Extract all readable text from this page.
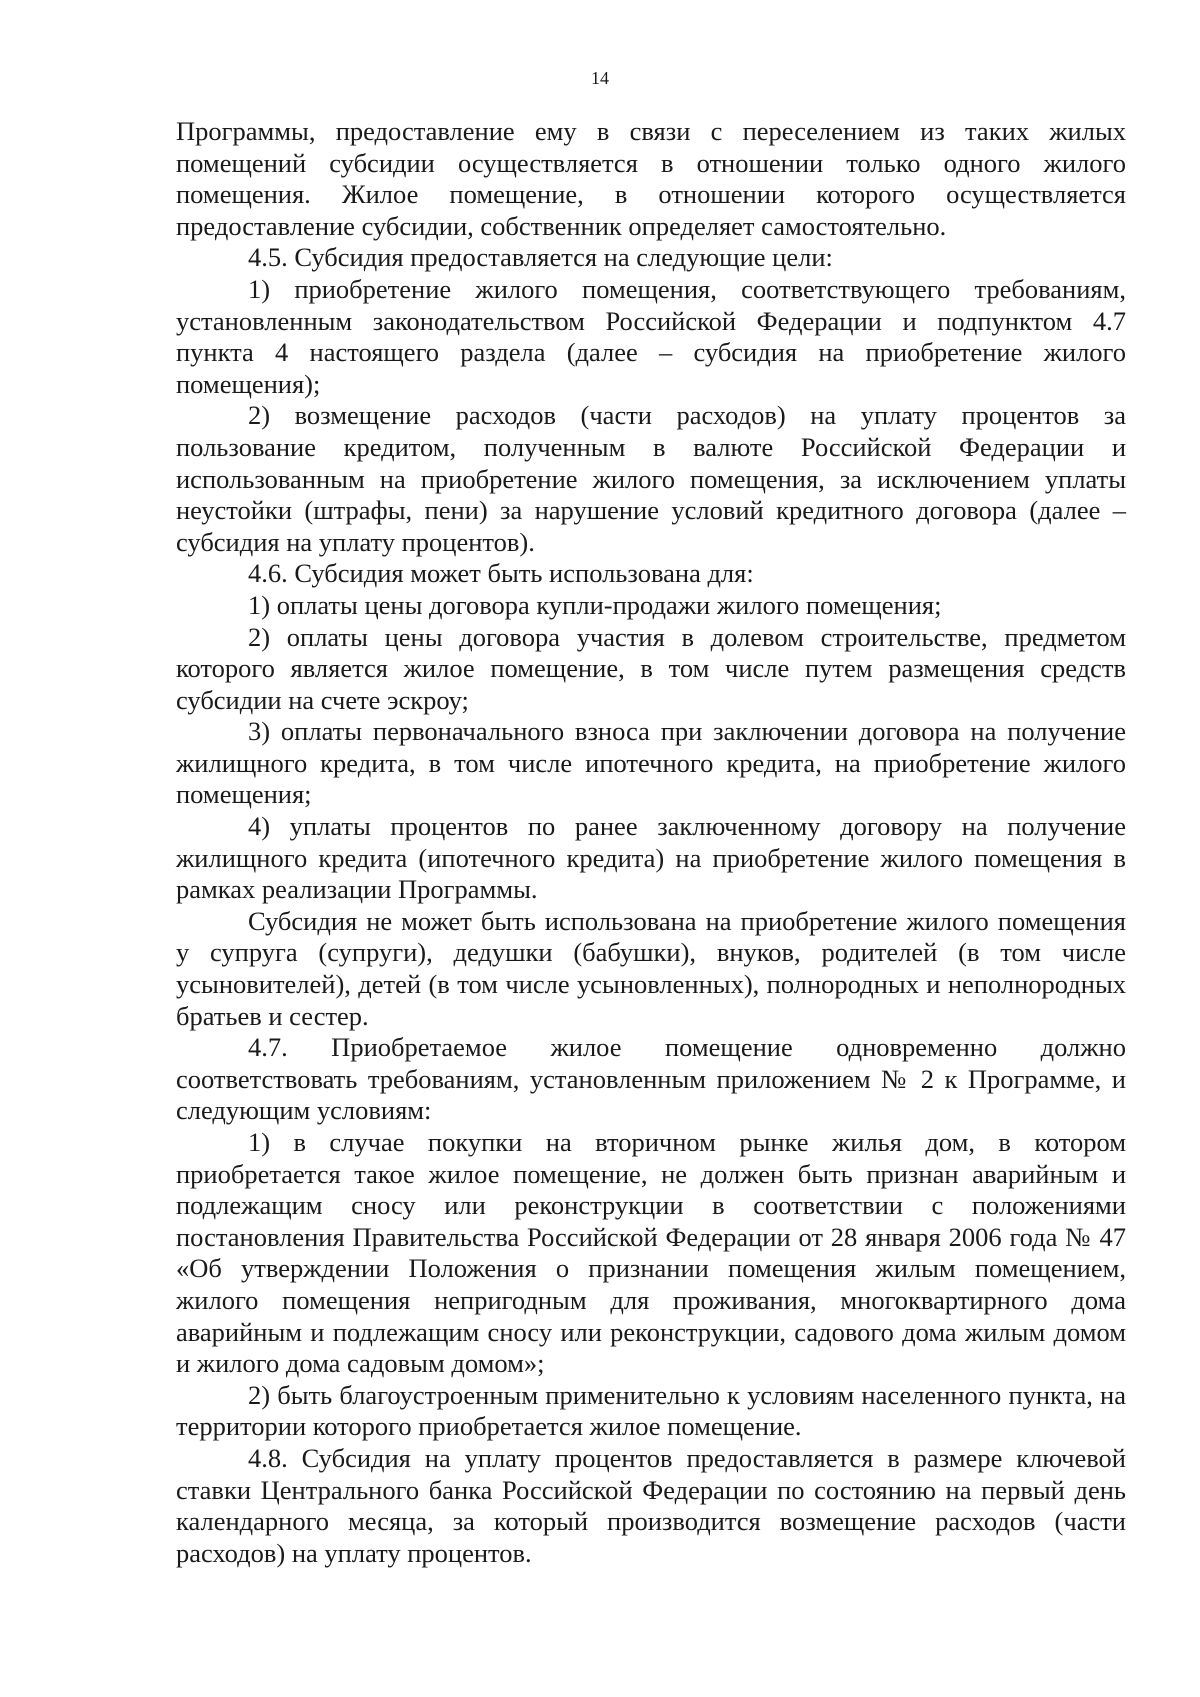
14

Программы, предоставление ему в связи с переселением из таких жилых помещений субсидии осуществляется в отношении только одного жилого помещения. Жилое помещение, в отношении которого осуществляется предоставление субсидии, собственник определяет самостоятельно.

4.5. Субсидия предоставляется на следующие цели:

1) приобретение жилого помещения, соответствующего требованиям, установленным законодательством Российской Федерации и подпунктом 4.7 пункта 4 настоящего раздела (далее – субсидия на приобретение жилого помещения);

2) возмещение расходов (части расходов) на уплату процентов за пользование кредитом, полученным в валюте Российской Федерации и использованным на приобретение жилого помещения, за исключением уплаты неустойки (штрафы, пени) за нарушение условий кредитного договора (далее – субсидия на уплату процентов).

4.6. Субсидия может быть использована для:

1) оплаты цены договора купли-продажи жилого помещения;

2) оплаты цены договора участия в долевом строительстве, предметом которого является жилое помещение, в том числе путем размещения средств субсидии на счете эскроу;

3) оплаты первоначального взноса при заключении договора на получение жилищного кредита, в том числе ипотечного кредита, на приобретение жилого помещения;

4) уплаты процентов по ранее заключенному договору на получение жилищного кредита (ипотечного кредита) на приобретение жилого помещения в рамках реализации Программы.

Субсидия не может быть использована на приобретение жилого помещения у супруга (супруги), дедушки (бабушки), внуков, родителей (в том числе усыновителей), детей (в том числе усыновленных), полнородных и неполнородных братьев и сестер.

4.7. Приобретаемое жилое помещение одновременно должно соответствовать требованиям, установленным приложением № 2 к Программе, и следующим условиям:

1) в случае покупки на вторичном рынке жилья дом, в котором приобретается такое жилое помещение, не должен быть признан аварийным и подлежащим сносу или реконструкции в соответствии с положениями постановления Правительства Российской Федерации от 28 января 2006 года № 47 «Об утверждении Положения о признании помещения жилым помещением, жилого помещения непригодным для проживания, многоквартирного дома аварийным и подлежащим сносу или реконструкции, садового дома жилым домом и жилого дома садовым домом»;

2) быть благоустроенным применительно к условиям населенного пункта, на территории которого приобретается жилое помещение.

4.8. Субсидия на уплату процентов предоставляется в размере ключевой ставки Центрального банка Российской Федерации по состоянию на первый день календарного месяца, за который производится возмещение расходов (части расходов) на уплату процентов.
